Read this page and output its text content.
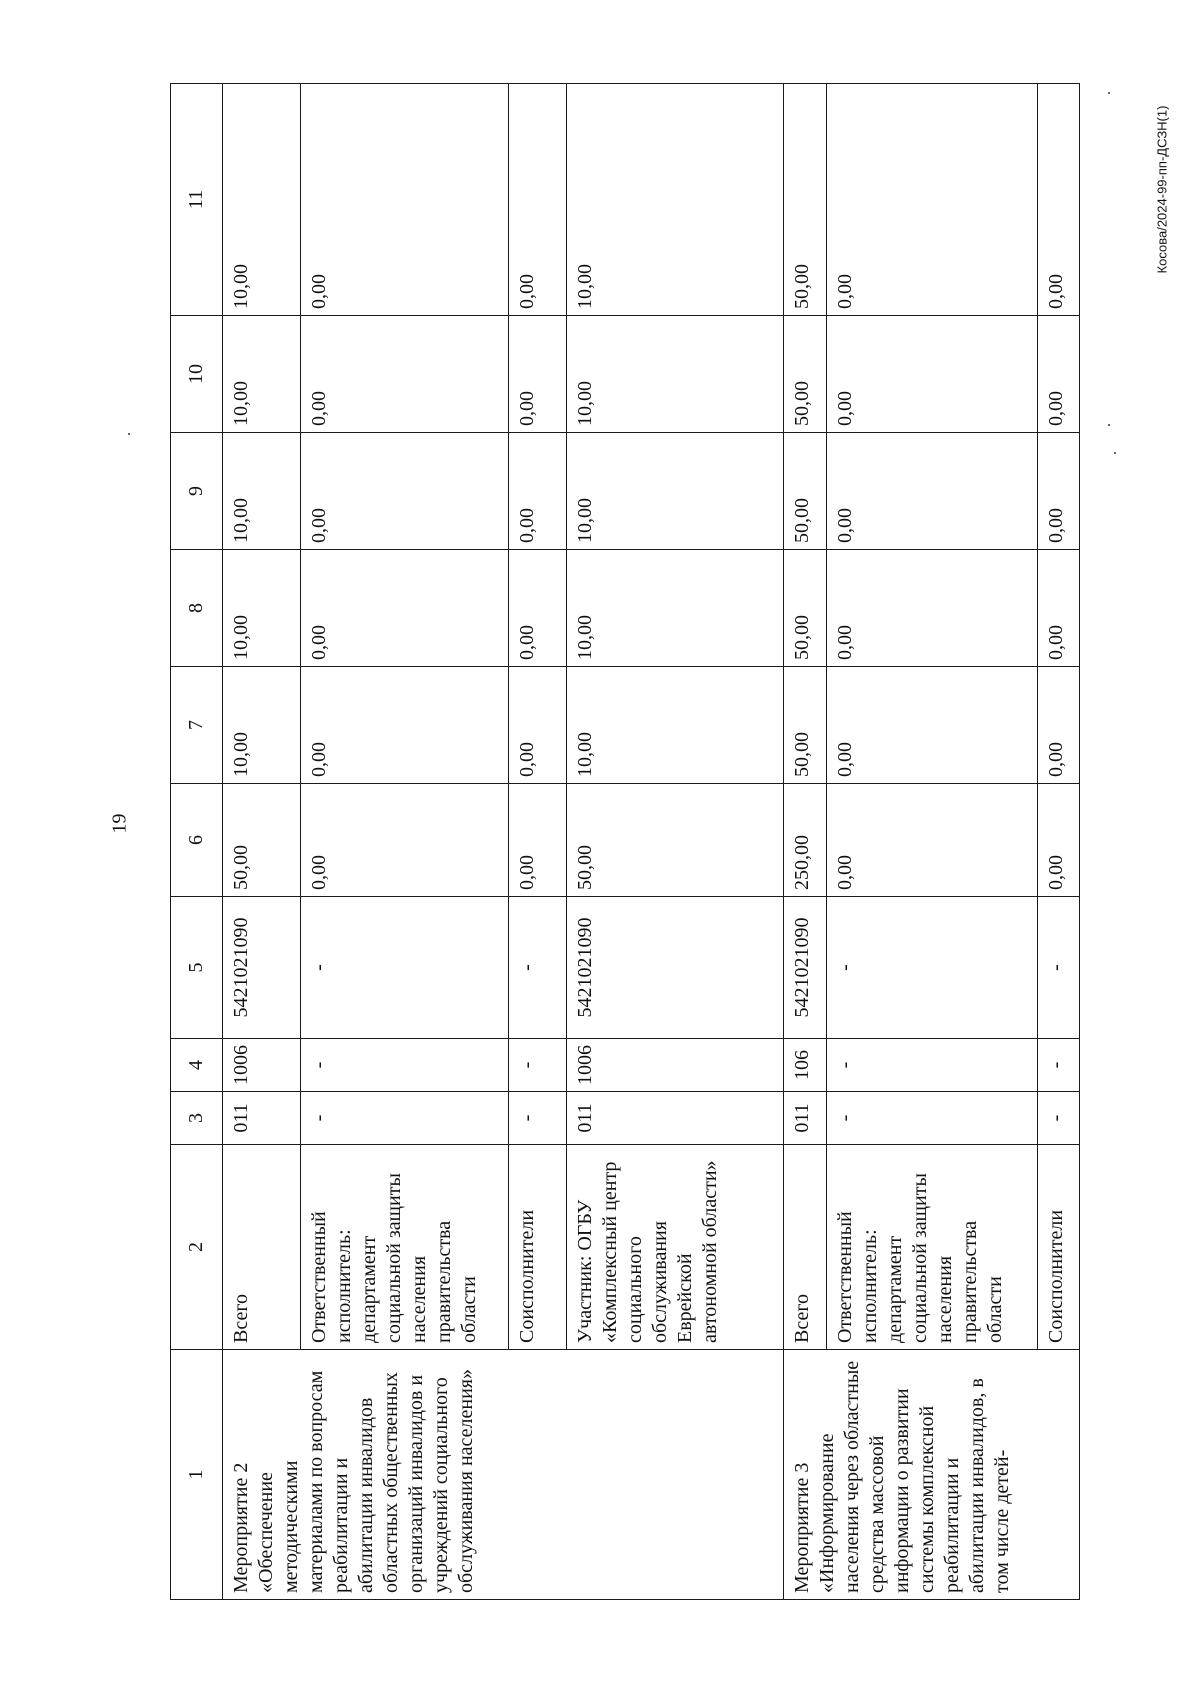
19
Косова/2024-99-пп-ДСЗН(1)
1	2	3	4	5	6	7	8	9	10	11
Мероприятие 2 «Обеспечение методическими материалами по вопросам реабилитации и абилитации инвалидов областных общественных организаций инвалидов и учреждений социального обслуживания населения»	Всего	011	1006	5421021090	50,00	10,00	10,00	10,00	10,00	10,00
	Ответственный исполнитель: департамент социальной защиты населения правительства области	-	-	-	0,00	0,00	0,00	0,00	0,00	0,00
	Соисполнители	-	-	-	0,00	0,00	0,00	0,00	0,00	0,00
	Участник: ОГБУ «Комплексный центр социального обслуживания Еврейской автономной области»	011	1006	5421021090	50,00	10,00	10,00	10,00	10,00	10,00
Мероприятие 3 «Информирование населения через областные средства массовой информации о развитии системы комплексной реабилитации и абилитации инвалидов, в том числе детей-	Всего	011	106	5421021090	250,00	50,00	50,00	50,00	50,00	50,00
	Ответственный исполнитель: департамент социальной защиты населения правительства области	-	-	-	0,00	0,00	0,00	0,00	0,00	0,00
	Соисполнители	-	-	-	0,00	0,00	0,00	0,00	0,00	0,00
